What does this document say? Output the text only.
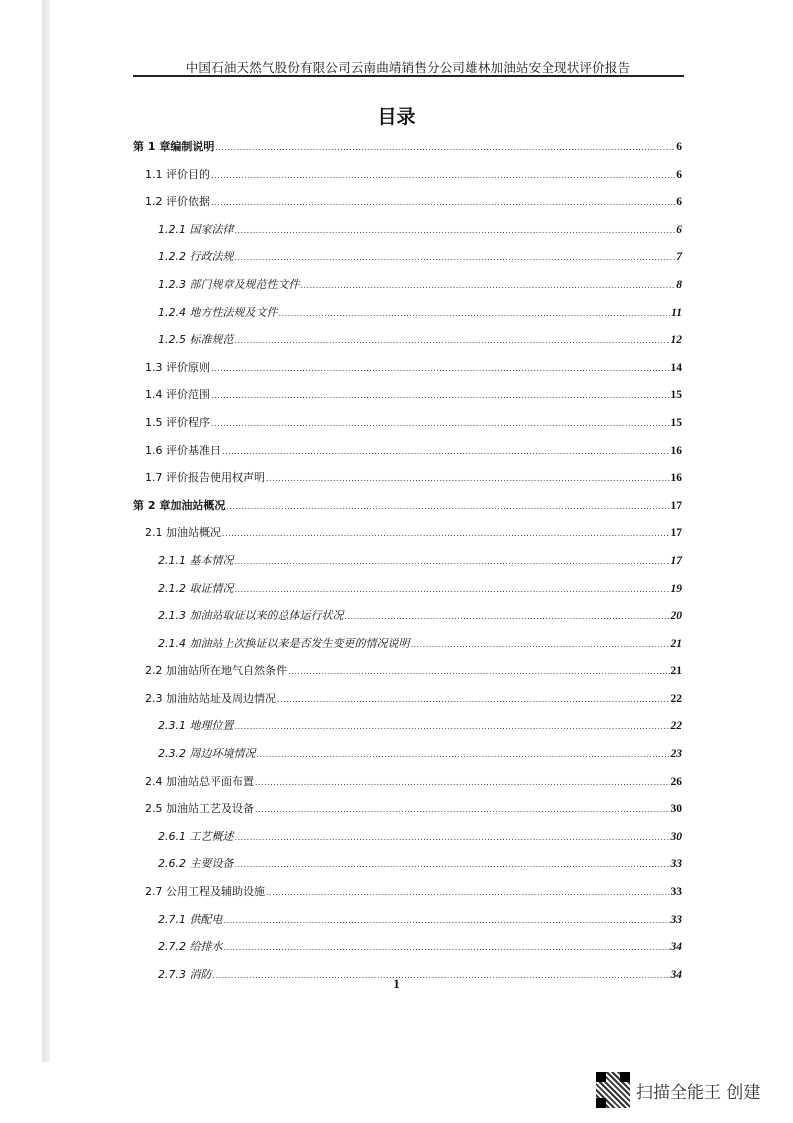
中国石油天然气股份有限公司云南曲靖销售分公司雄林加油站安全现状评价报告
目录
第 1 章编制说明 .....	6
1.1 评价目的 .....	6
1.2 评价依据 .....	6
1.2.1 国家法律 .....	6
1.2.2 行政法规 .....	7
1.2.3 部门规章及规范性文件 .....	8
1.2.4 地方性法规及文件 .....	11
1.2.5 标准规范 .....	12
1.3 评价原则 .....	14
1.4 评价范围 .....	15
1.5 评价程序 .....	15
1.6 评价基准日 .....	16
1.7 评价报告使用权声明 .....	16
第 2 章加油站概况 .....	17
2.1 加油站概况 .....	17
2.1.1 基本情况 .....	17
2.1.2 取证情况 .....	19
2.1.3 加油站取证以来的总体运行状况 .....	20
2.1.4 加油站上次换证以来是否发生变更的情况说明 .....	21
2.2 加油站所在地气自然条件 .....	21
2.3 加油站站址及周边情况 .....	22
2.3.1 地理位置 .....	22
2.3.2 周边环境情况 .....	23
2.4 加油站总平面布置 .....	26
2.5 加油站工艺及设备 .....	30
2.6.1 工艺概述 .....	30
2.6.2 主要设备 .....	33
2.7 公用工程及辅助设施 .....	33
2.7.1 供配电 .....	33
2.7.2 给排水 .....	34
2.7.3 消防 .....	34
1
扫描全能王 创建
